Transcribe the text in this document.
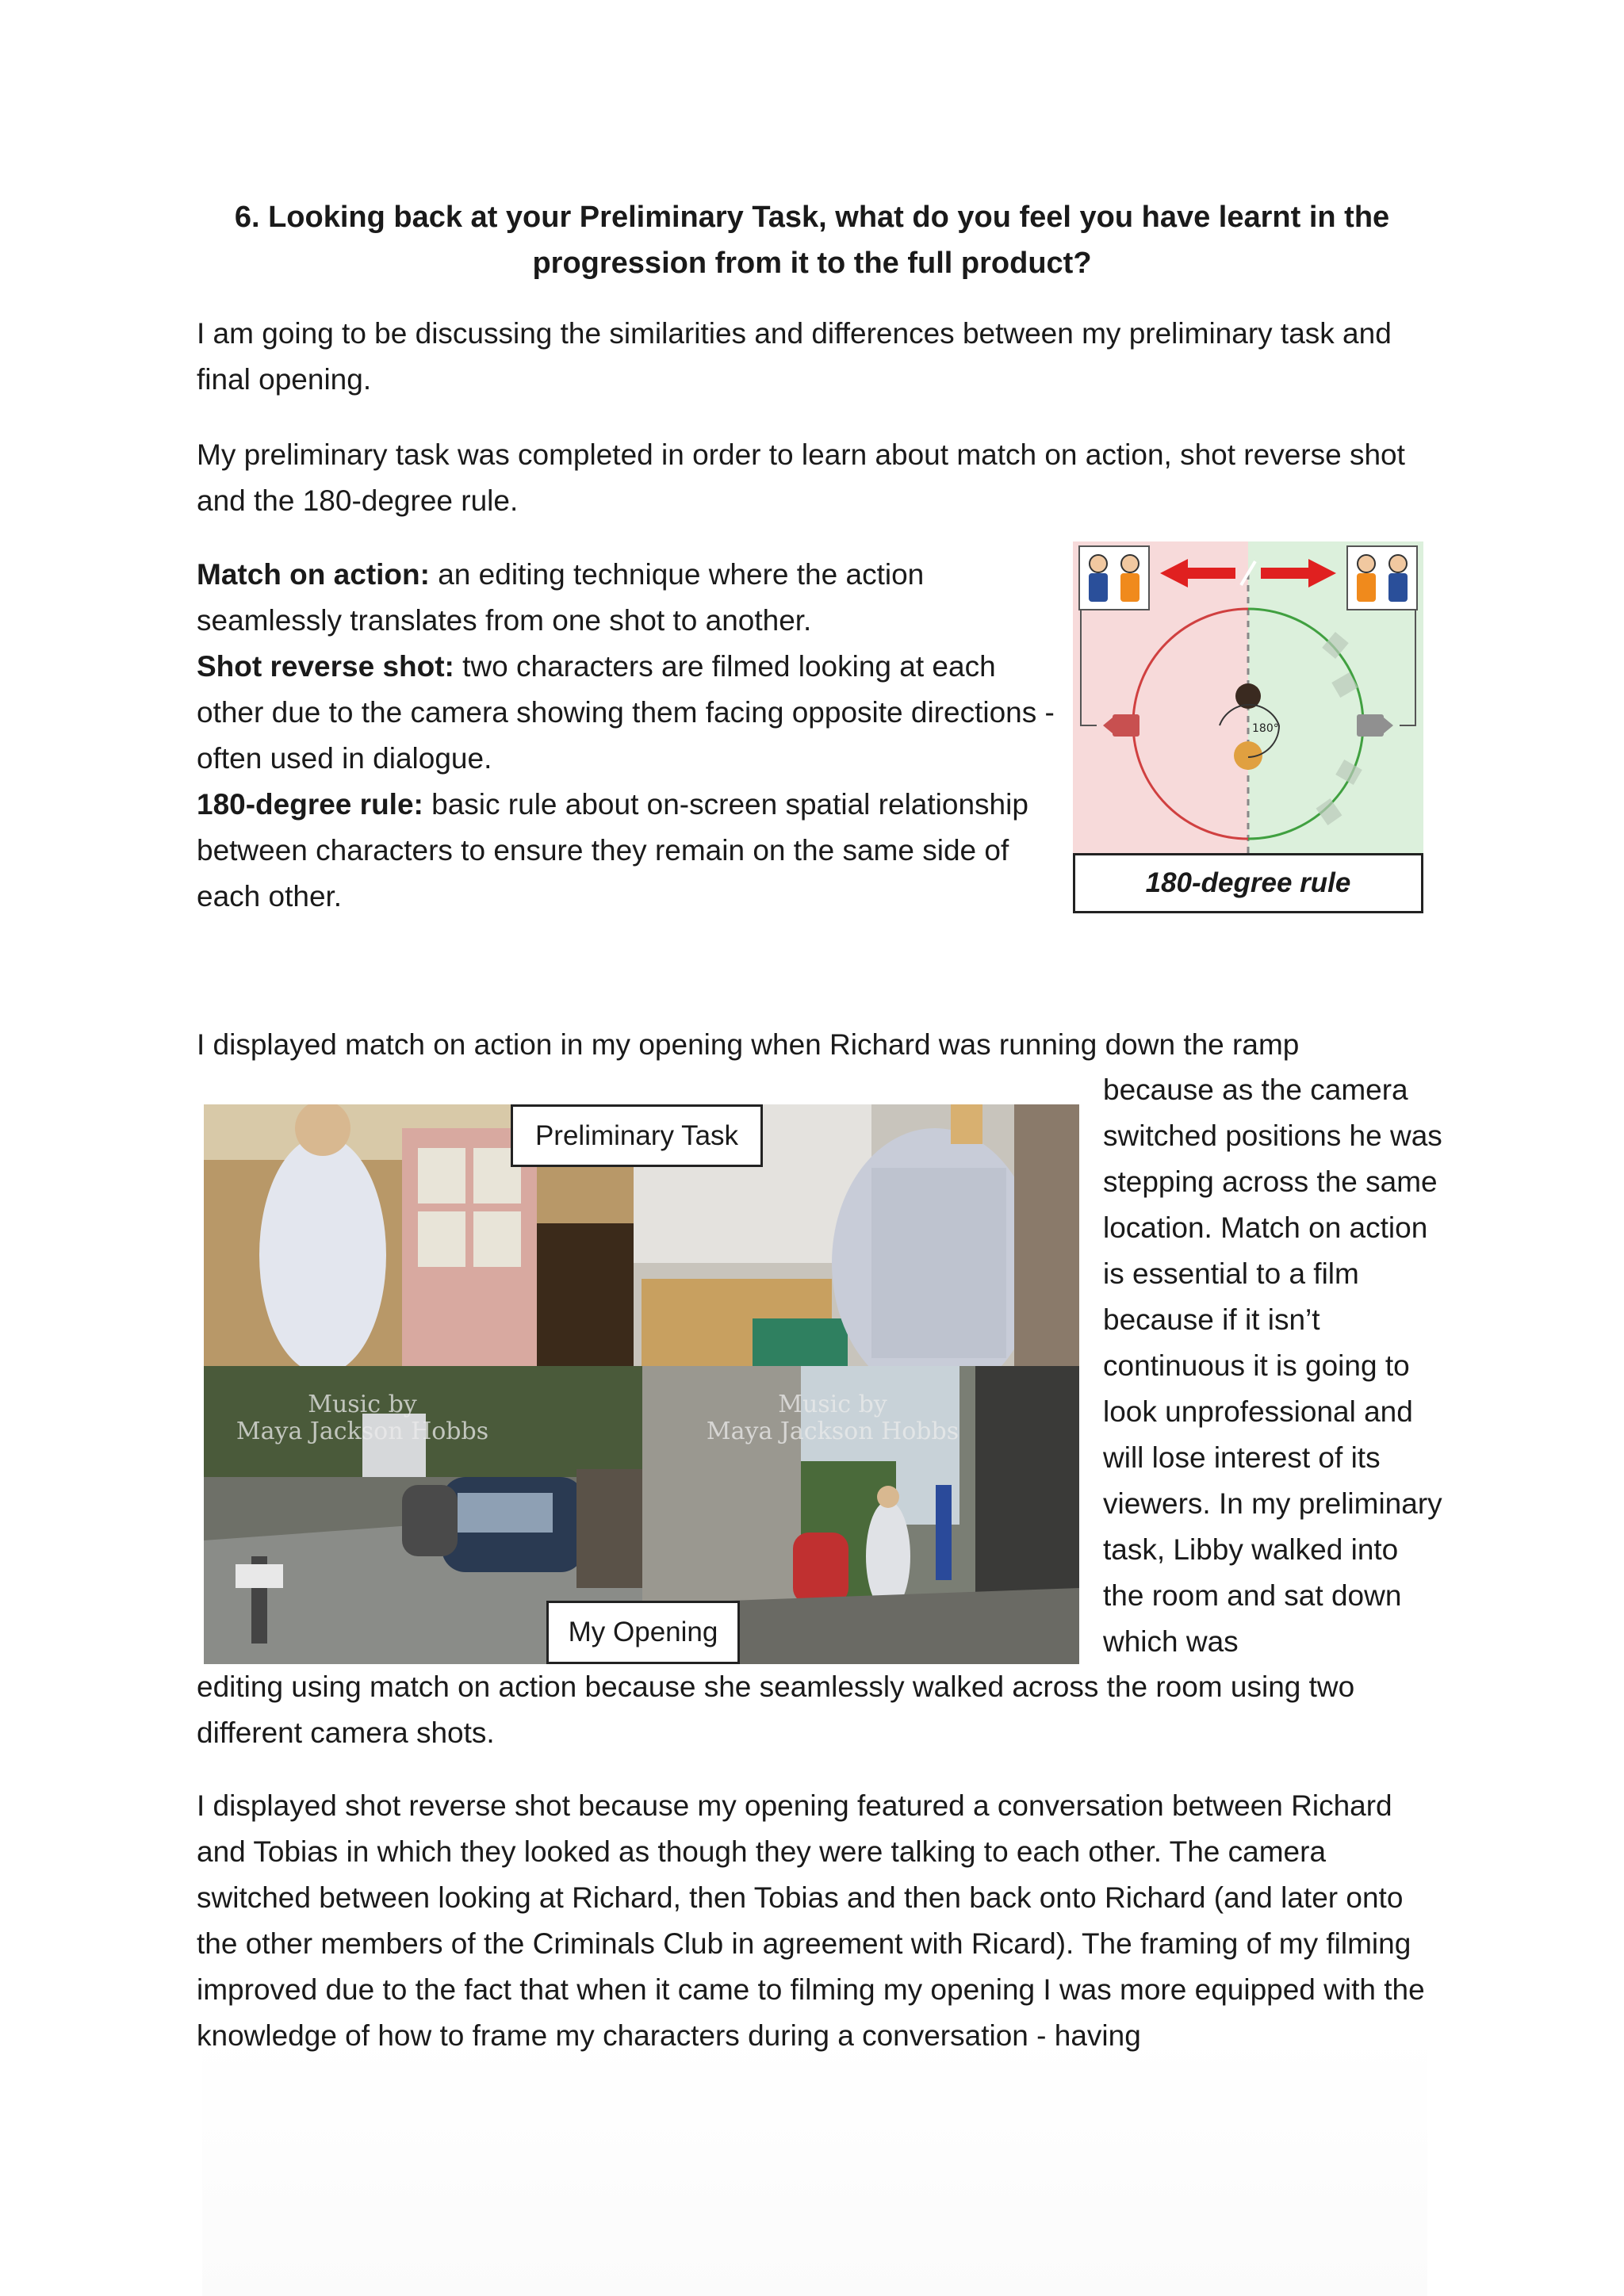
6. Looking back at your Preliminary Task, what do you feel you have learnt in the
progression from it to the full product?

I am going to be discussing the similarities and differences between my preliminary task and final opening.

My preliminary task was completed in order to learn about match on action, shot reverse shot and the 180-degree rule.

Match on action: an editing technique where the action seamlessly translates from one shot to another.
Shot reverse shot: two characters are filmed looking at each other due to the camera showing them facing opposite directions - often used in dialogue.
180-degree rule: basic rule about on-screen spatial relationship between characters to ensure they remain on the same side of each other.
180°
180-degree rule

I displayed match on action in my opening when Richard was running down the ramp

Music by
Maya Jackson Hobbs
Music by
Maya Jackson Hobbs
Preliminary Task
My Opening
because as the camera switched positions he was stepping across the same location. Match on action is essential to a film because if it isn’t continuous it is going to look unprofessional and will lose interest of its viewers. In my preliminary task, Libby walked into the room and sat down which was

editing using match on action because she seamlessly walked across the room using two different camera shots.

I displayed shot reverse shot because my opening featured a conversation between Richard and Tobias in which they looked as though they were talking to each other. The camera switched between looking at Richard, then Tobias and then back onto Richard (and later onto the other members of the Criminals Club in agreement with Ricard). The framing of my filming improved due to the fact that when it came to filming my opening I was more equipped with the knowledge of how to frame my characters during a conversation - having
